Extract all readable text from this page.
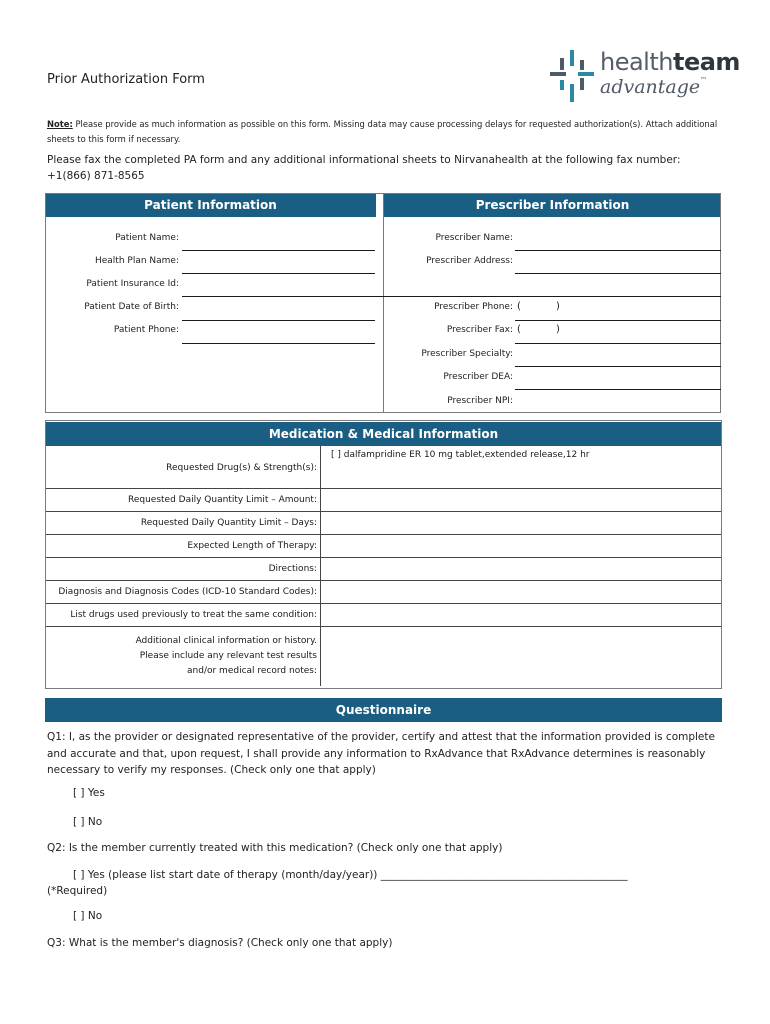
Prior Authorization Form
healthteam
advantage™
Note: Please provide as much information as possible on this form. Missing data may cause processing delays for requested authorization(s). Attach additional sheets to this form if necessary.
Please fax the completed PA form and any additional informational sheets to Nirvanahealth at the following fax number: +1(866) 871-8565
Patient Information	Prescriber Information
Patient Name:
Health Plan Name:
Patient Insurance Id:
Patient Date of Birth:
Patient Phone:
Prescriber Name:
Prescriber Address:
Prescriber Phone: (	)
Prescriber Fax: (	)
Prescriber Specialty:
Prescriber DEA:
Prescriber NPI:
Medication & Medical Information
Requested Drug(s) & Strength(s):
[ ] dalfampridine ER 10 mg tablet,extended release,12 hr
Requested Daily Quantity Limit – Amount:
Requested Daily Quantity Limit – Days:
Expected Length of Therapy:
Directions:
Diagnosis and Diagnosis Codes (ICD-10 Standard Codes):
List drugs used previously to treat the same condition:
Additional clinical information or history.
Please include any relevant test results
and/or medical record notes:
Questionnaire
Q1: I, as the provider or designated representative of the provider, certify and attest that the information provided is complete and accurate and that, upon request, I shall provide any information to RxAdvance that RxAdvance determines is reasonably necessary to verify my responses. (Check only one that apply)
[ ] Yes
[ ] No
Q2: Is the member currently treated with this medication? (Check only one that apply)
[ ] Yes (please list start date of therapy (month/day/year)) _______________________________________________
(*Required)
[ ] No
Q3: What is the member's diagnosis? (Check only one that apply)
